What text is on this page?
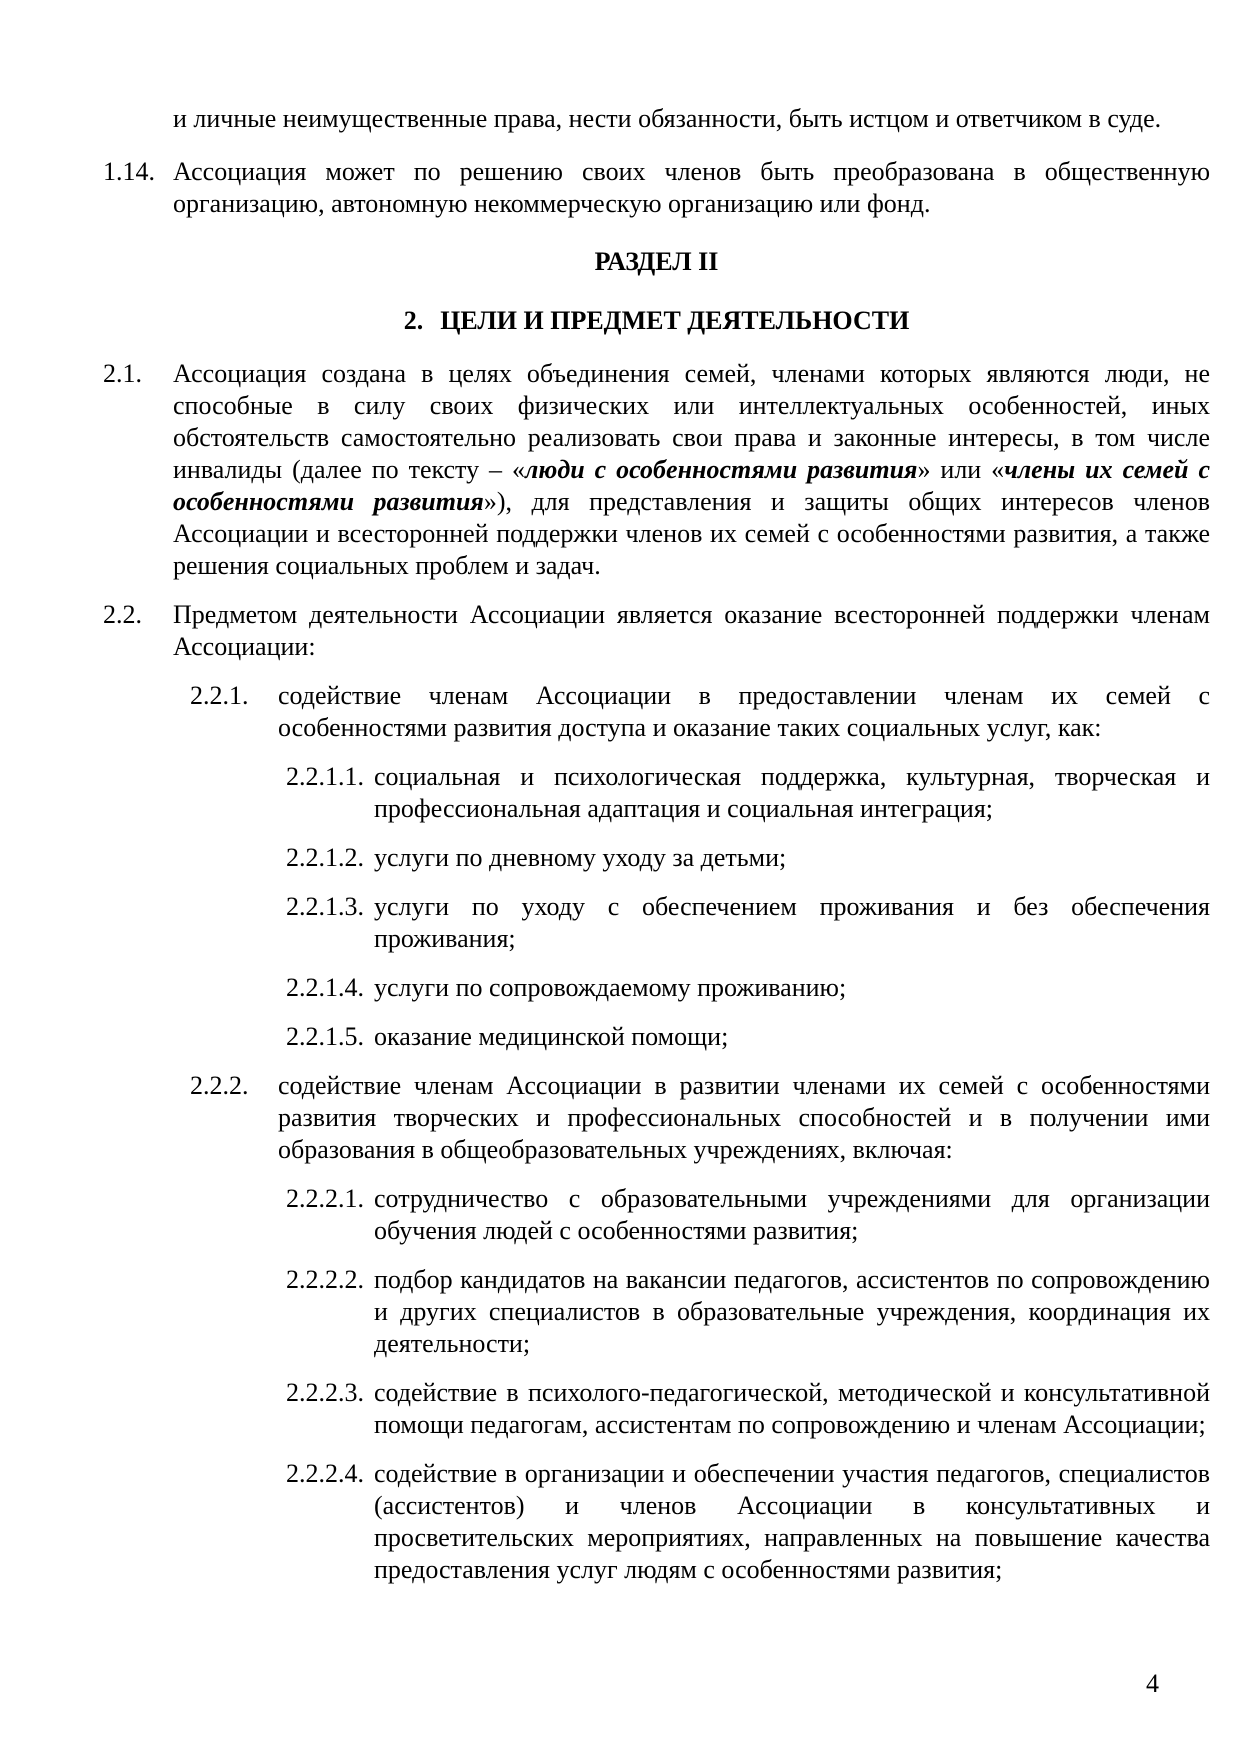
и личные неимущественные права, нести обязанности, быть истцом и ответчиком в суде.

1.14. Ассоциация может по решению своих членов быть преобразована в общественную организацию, автономную некоммерческую организацию или фонд.

РАЗДЕЛ II
2. ЦЕЛИ И ПРЕДМЕТ ДЕЯТЕЛЬНОСТИ
2.1. Ассоциация создана в целях объединения семей, членами которых являются люди, не способные в силу своих физических или интеллектуальных особенностей, иных обстоятельств самостоятельно реализовать свои права и законные интересы, в том числе инвалиды (далее по тексту – «люди с особенностями развития» или «члены их семей с особенностями развития»), для представления и защиты общих интересов членов Ассоциации и всесторонней поддержки членов их семей с особенностями развития, а также решения социальных проблем и задач.

2.2. Предметом деятельности Ассоциации является оказание всесторонней поддержки членам Ассоциации:

2.2.1. содействие членам Ассоциации в предоставлении членам их семей с особенностями развития доступа и оказание таких социальных услуг, как:

2.2.1.1. социальная и психологическая поддержка, культурная, творческая и профессиональная адаптация и социальная интеграция;

2.2.1.2. услуги по дневному уходу за детьми;

2.2.1.3. услуги по уходу с обеспечением проживания и без обеспечения проживания;

2.2.1.4. услуги по сопровождаемому проживанию;

2.2.1.5. оказание медицинской помощи;

2.2.2. содействие членам Ассоциации в развитии членами их семей с особенностями развития творческих и профессиональных способностей и в получении ими образования в общеобразовательных учреждениях, включая:

2.2.2.1. сотрудничество с образовательными учреждениями для организации обучения людей с особенностями развития;

2.2.2.2. подбор кандидатов на вакансии педагогов, ассистентов по сопровождению и других специалистов в образовательные учреждения, координация их деятельности;

2.2.2.3. содействие в психолого-педагогической, методической и консультативной помощи педагогам, ассистентам по сопровождению и членам Ассоциации;

2.2.2.4. содействие в организации и обеспечении участия педагогов, специалистов (ассистентов) и членов Ассоциации в консультативных и просветительских мероприятиях, направленных на повышение качества предоставления услуг людям с особенностями развития;

4
